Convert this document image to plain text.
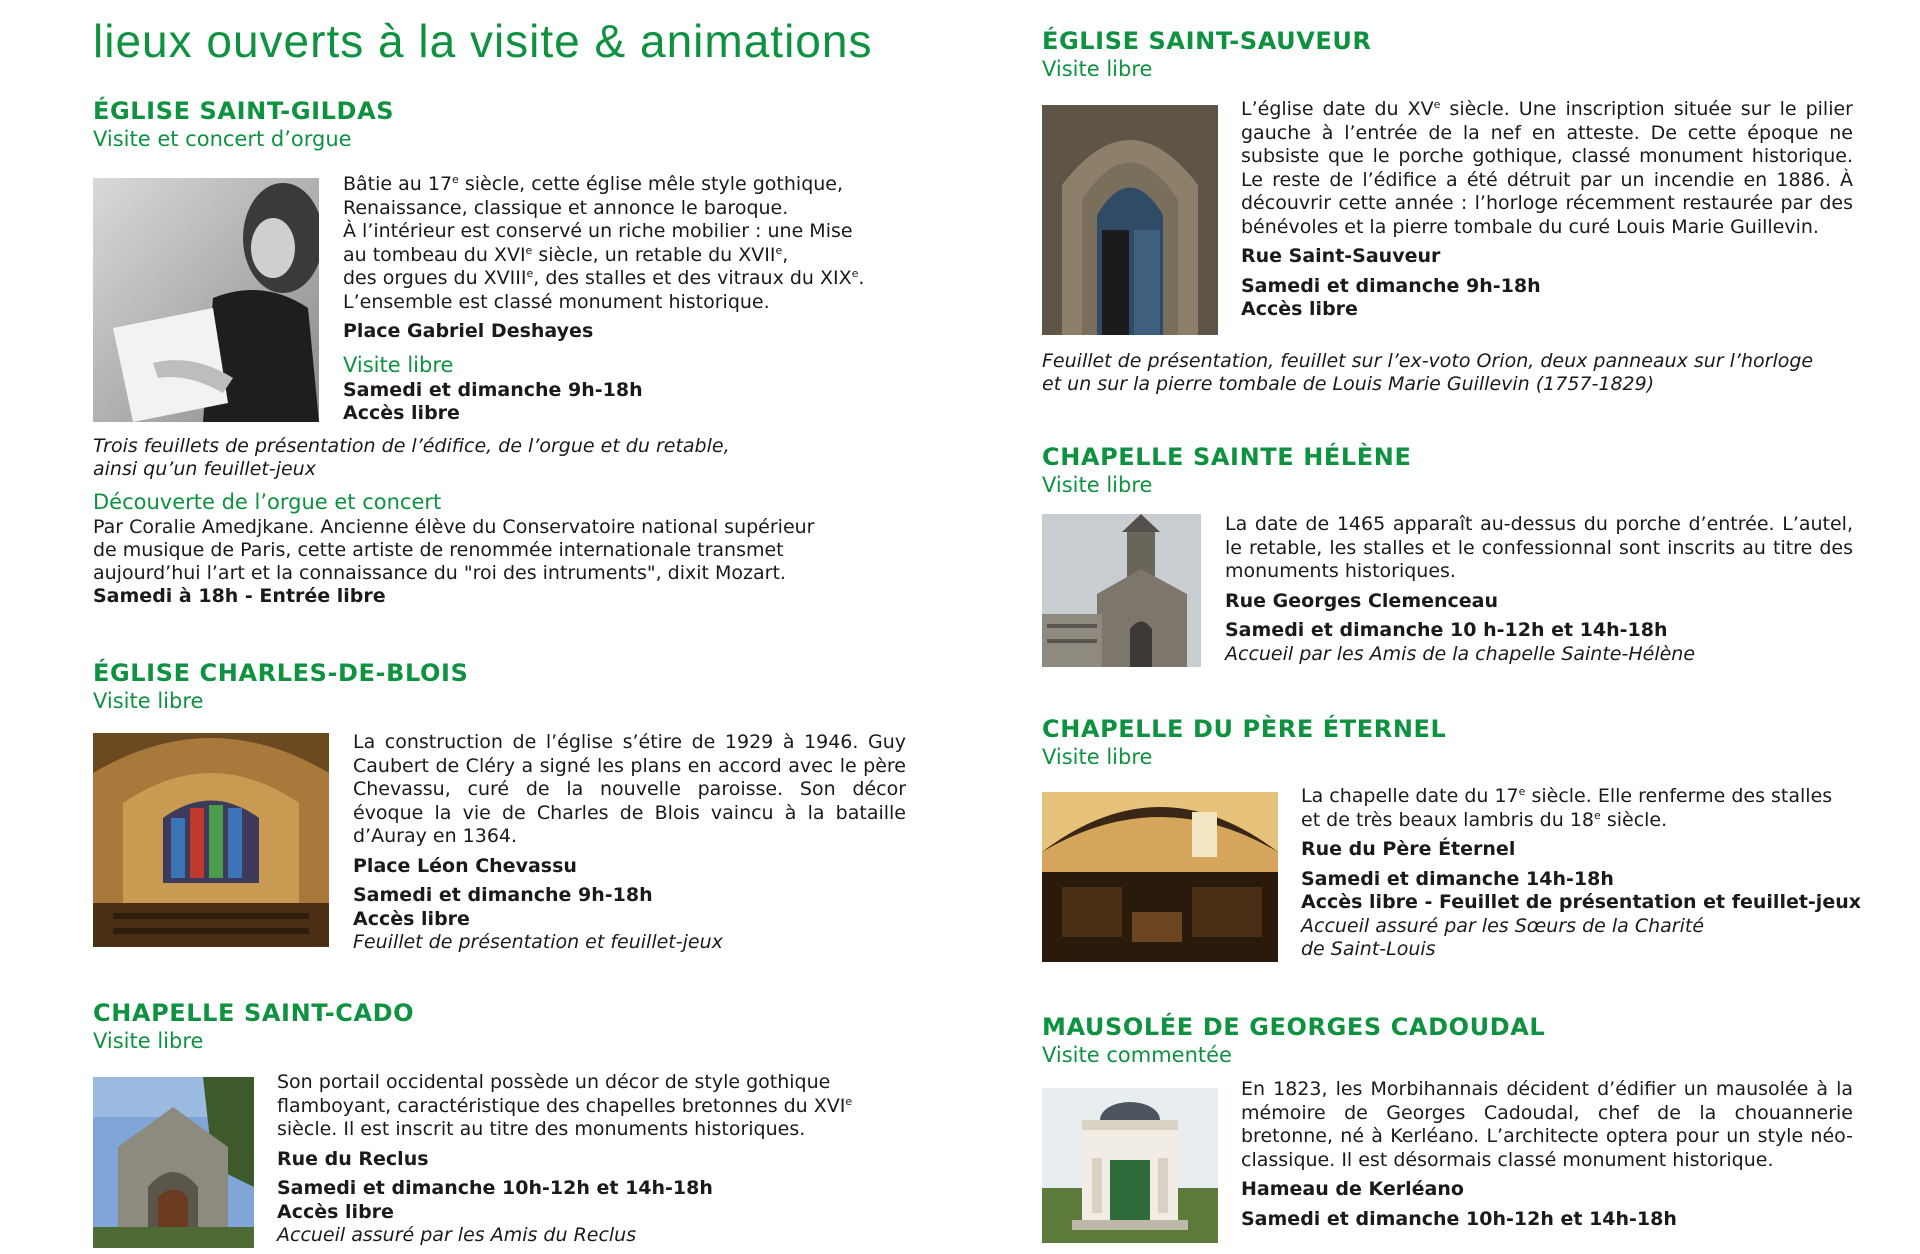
lieux ouverts à la visite & animations
ÉGLISE SAINT-GILDAS
Visite et concert d’orgue

Bâtie au 17e siècle, cette église mêle style gothique,

Renaissance, classique et annonce le baroque.

À l’intérieur est conservé un riche mobilier : une Mise

au tombeau du XVIe siècle, un retable du XVIIe,

des orgues du XVIIIe, des stalles et des vitraux du XIXe.

L’ensemble est classé monument historique.

Place Gabriel Deshayes

Visite libre

Samedi et dimanche 9h-18h

Accès libre

Trois feuillets de présentation de l’édifice, de l’orgue et du retable,

ainsi qu’un feuillet-jeux

Découverte de l’orgue et concert

Par Coralie Amedjkane. Ancienne élève du Conservatoire national supérieur

de musique de Paris, cette artiste de renommée internationale transmet

aujourd’hui l’art et la connaissance du "roi des intruments", dixit Mozart.

Samedi à 18h - Entrée libre

ÉGLISE CHARLES-DE-BLOIS
Visite libre

La construction de l’église s’étire de 1929 à 1946. Guy Caubert de Cléry a signé les plans en accord avec le père Chevassu, curé de la nouvelle paroisse. Son décor évoque la vie de Charles de Blois vaincu à la bataille d’Auray en 1364.

Place Léon Chevassu

Samedi et dimanche 9h-18h

Accès libre

Feuillet de présentation et feuillet-jeux

CHAPELLE SAINT-CADO
Visite libre

Son portail occidental possède un décor de style gothique

flamboyant, caractéristique des chapelles bretonnes du XVIe

siècle. Il est inscrit au titre des monuments historiques.

Rue du Reclus

Samedi et dimanche 10h-12h et 14h-18h

Accès libre

Accueil assuré par les Amis du Reclus

ÉGLISE SAINT-SAUVEUR
Visite libre

L’église date du XVe siècle. Une inscription située sur le pilier gauche à l’entrée de la nef en atteste. De cette époque ne subsiste que le porche gothique, classé monument historique. Le reste de l’édifice a été détruit par un incendie en 1886. À découvrir cette année : l’horloge récemment restaurée par des bénévoles et la pierre tombale du curé Louis Marie Guillevin.

Rue Saint-Sauveur

Samedi et dimanche 9h-18h

Accès libre

Feuillet de présentation, feuillet sur l’ex-voto Orion, deux panneaux sur l’horloge

et un sur la pierre tombale de Louis Marie Guillevin (1757-1829)

CHAPELLE SAINTE HÉLÈNE
Visite libre

La date de 1465 apparaît au-dessus du porche d’entrée. L’autel, le retable, les stalles et le confessionnal sont inscrits au titre des monuments historiques.

Rue Georges Clemenceau

Samedi et dimanche 10 h-12h et 14h-18h

Accueil par les Amis de la chapelle Sainte-Hélène

CHAPELLE DU PÈRE ÉTERNEL
Visite libre

La chapelle date du 17e siècle. Elle renferme des stalles

et de très beaux lambris du 18e siècle.

Rue du Père Éternel

Samedi et dimanche 14h-18h

Accès libre - Feuillet de présentation et feuillet-jeux

Accueil assuré par les Sœurs de la Charité

de Saint-Louis

MAUSOLÉE DE GEORGES CADOUDAL
Visite commentée

En 1823, les Morbihannais décident d’édifier un mausolée à la mémoire de Georges Cadoudal, chef de la chouannerie bretonne, né à Kerléano. L’architecte optera pour un style néo-classique. Il est désormais classé monument historique.

Hameau de Kerléano

Samedi et dimanche 10h-12h et 14h-18h
